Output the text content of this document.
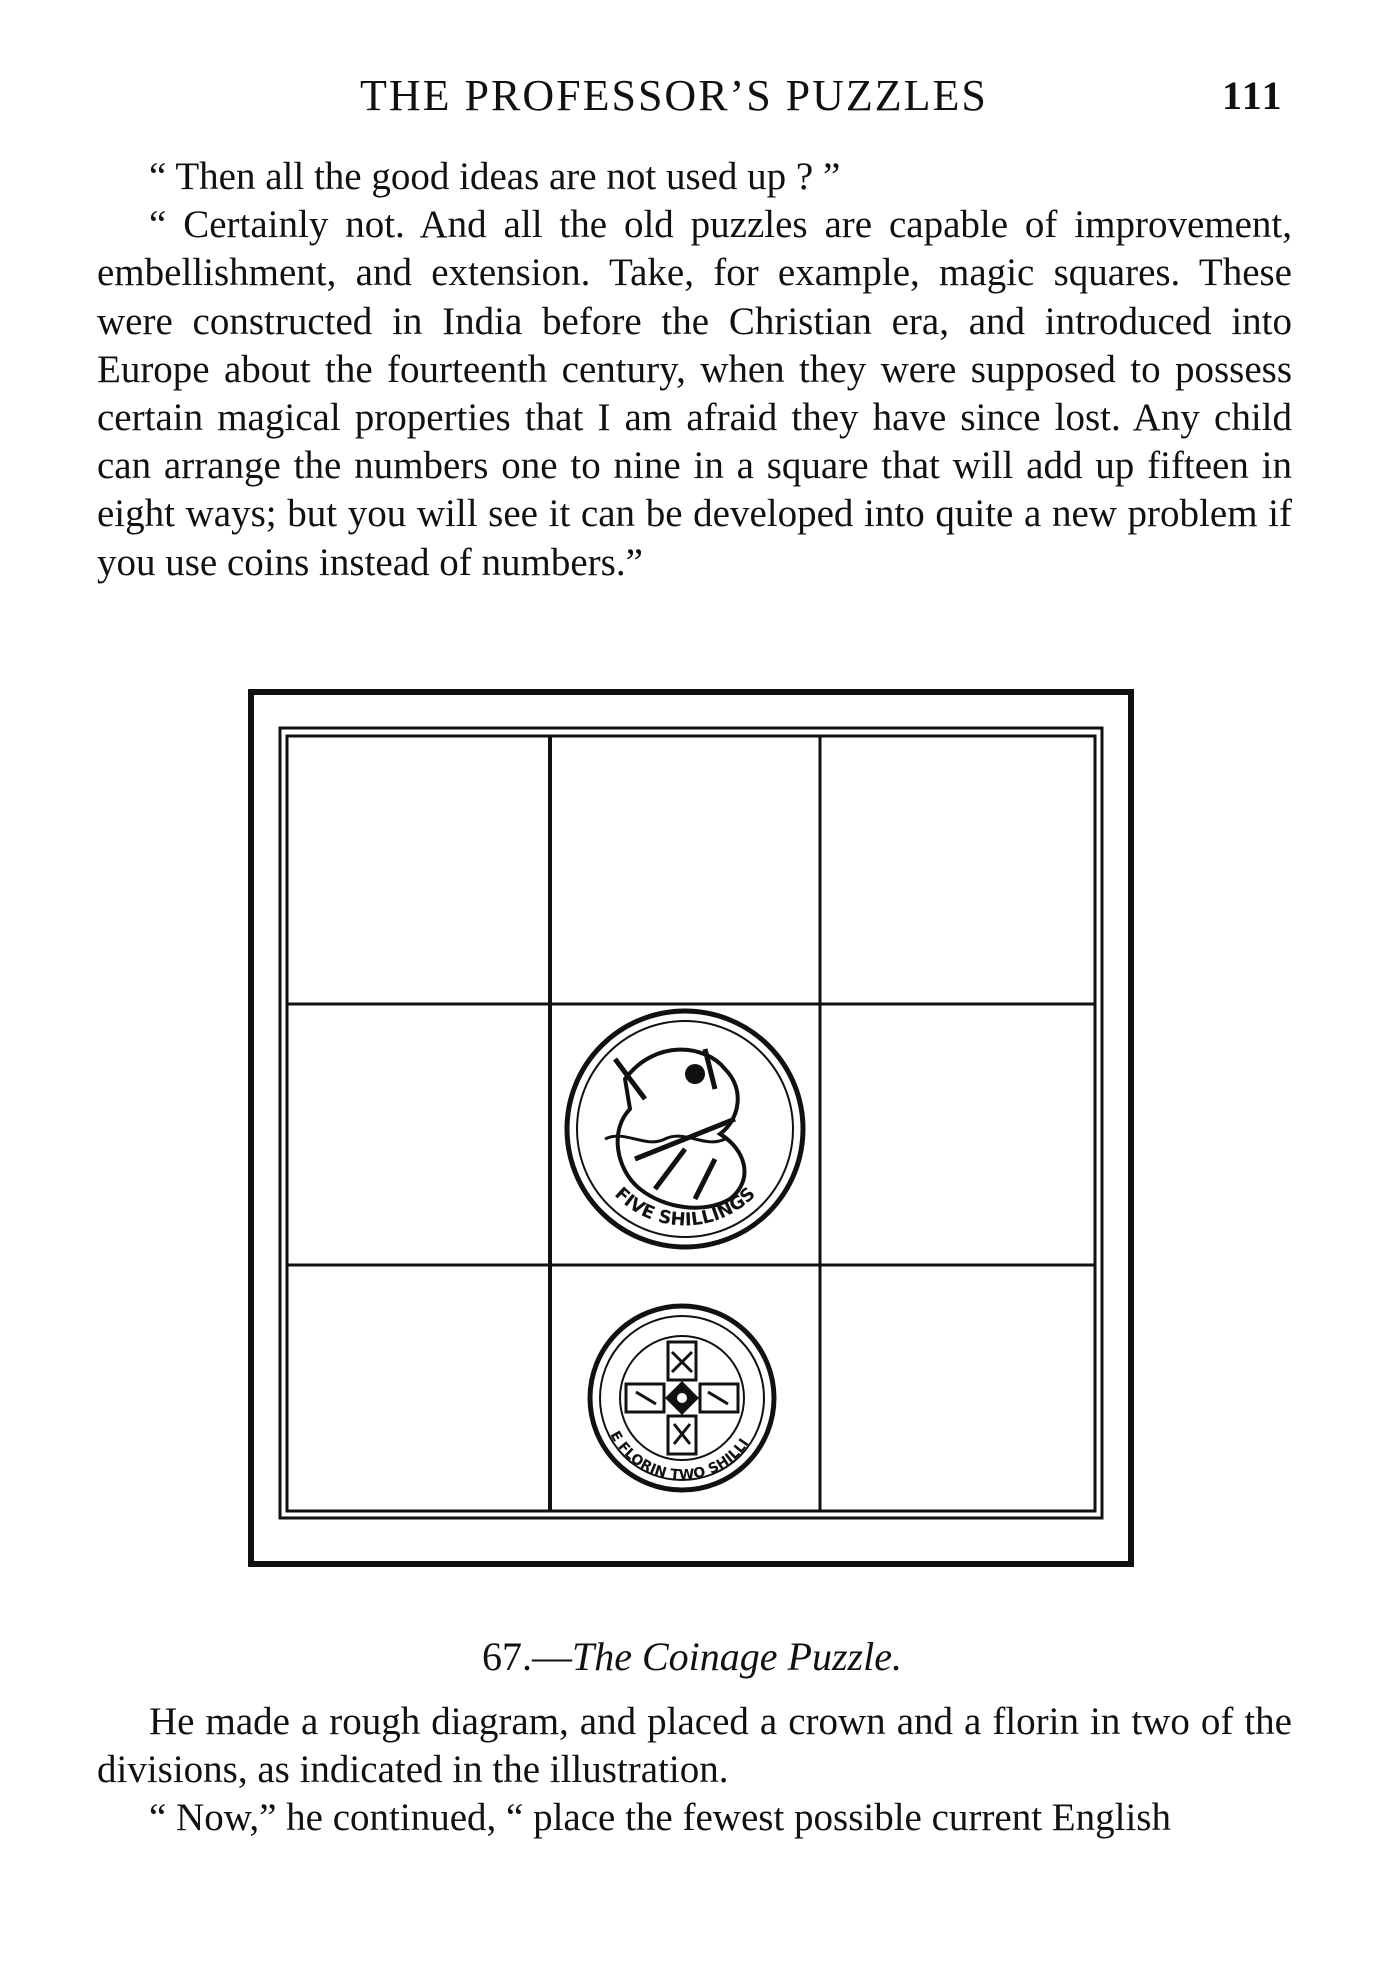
THE PROFESSOR’S PUZZLES	111

“ Then all the good ideas are not used up ? ”

“ Certainly not. And all the old puzzles are capable of improvement, embellishment, and extension. Take, for example, magic squares. These were constructed in India before the Christian era, and introduced into Europe about the fourteenth century, when they were supposed to possess certain magical properties that I am afraid they have since lost. Any child can arrange the numbers one to nine in a square that will add up fifteen in eight ways; but you will see it can be developed into quite a new problem if you use coins instead of numbers.”

FIVE SHILLINGS
E FLORIN TWO SHILLI
67.—The Coinage Puzzle.

He made a rough diagram, and placed a crown and a florin in two of the divisions, as indicated in the illustration.

“ Now,” he continued, “ place the fewest possible current English
